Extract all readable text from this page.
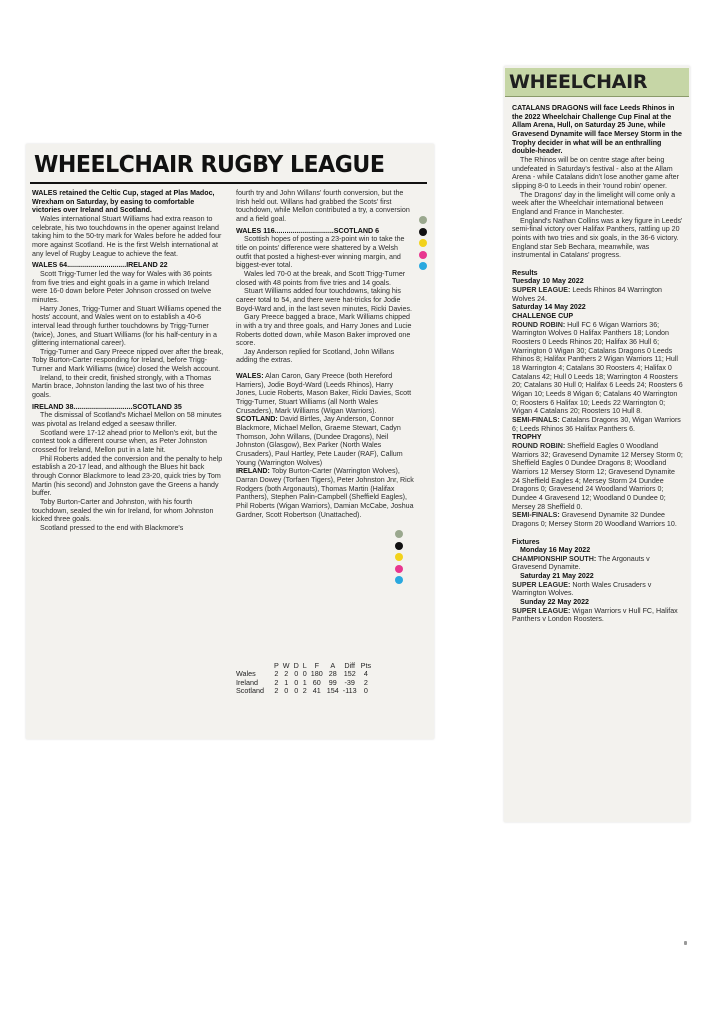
WHEELCHAIR RUGBY LEAGUE

WALES retained the Celtic Cup, staged at Plas Madoc, Wrexham on Saturday, by easing to comfortable victories over Ireland and Scotland.

Wales international Stuart Williams had extra reason to celebrate, his two touchdowns in the opener against Ireland taking him to the 50-try mark for Wales before he added four more against Scotland. He is the first Welsh international at any level of Rugby League to achieve the feat.

WALES 64..............................IRELAND 22

Scott Trigg-Turner led the way for Wales with 36 points from five tries and eight goals in a game in which Ireland were 16-0 down before Peter Johnson crossed on twelve minutes.

Harry Jones, Trigg-Turner and Stuart Williams opened the hosts' account, and Wales went on to establish a 40-6 interval lead through further touchdowns by Trigg-Turner (twice), Jones, and Stuart Williams (for his half-century in a glittering international career).

Trigg-Turner and Gary Preece nipped over after the break, Toby Burton-Carter responding for Ireland, before Trigg-Turner and Mark Williams (twice) closed the Welsh account.

Ireland, to their credit, finished strongly, with a Thomas Martin brace, Johnston landing the last two of his three goals.

IRELAND 38..............................SCOTLAND 35

The dismissal of Scotland's Michael Mellon on 58 minutes was pivotal as Ireland edged a seesaw thriller.

Scotland were 17-12 ahead prior to Mellon's exit, but the contest took a different course when, as Peter Johnston crossed for Ireland, Mellon put in a late hit.

Phil Roberts added the conversion and the penalty to help establish a 20-17 lead, and although the Blues hit back through Connor Blackmore to lead 23-20, quick tries by Tom Martin (his second) and Johnston gave the Greens a handy buffer.

Toby Burton-Carter and Johnston, with his fourth touchdown, sealed the win for Ireland, for whom Johnston kicked three goals.

Scotland pressed to the end with Blackmore's

fourth try and John Willans' fourth conversion, but the Irish held out. Willans had grabbed the Scots' first touchdown, while Mellon contributed a try, a conversion and a field goal.

WALES 116..............................SCOTLAND 6

Scottish hopes of posting a 23-point win to take the title on points' difference were shattered by a Welsh outfit that posted a highest-ever winning margin, and biggest-ever total.

Wales led 70-0 at the break, and Scott Trigg-Turner closed with 48 points from five tries and 14 goals.

Stuart Williams added four touchdowns, taking his career total to 54, and there were hat-tricks for Jodie Boyd-Ward and, in the last seven minutes, Ricki Davies.

Gary Preece bagged a brace, Mark Williams chipped in with a try and three goals, and Harry Jones and Lucie Roberts dotted down, while Mason Baker improved one score.

Jay Anderson replied for Scotland, John Willans adding the extras.

WALES: Alan Caron, Gary Preece (both Hereford Harriers), Jodie Boyd-Ward (Leeds Rhinos), Harry Jones, Lucie Roberts, Mason Baker, Ricki Davies, Scott Trigg-Turner, Stuart Williams (all North Wales Crusaders), Mark Williams (Wigan Warriors).

SCOTLAND: David Birtles, Jay Anderson, Connor Blackmore, Michael Mellon, Graeme Stewart, Cadyn Thomson, John Willans, (Dundee Dragons), Neil Johnston (Glasgow), Bex Parker (North Wales Crusaders), Paul Hartley, Pete Lauder (RAF), Callum Young (Warrington Wolves)

IRELAND: Toby Burton-Carter (Warrington Wolves), Darran Dowey (Torfaen Tigers), Peter Johnston Jnr, Rick Rodgers (both Argonauts), Thomas Martin (Halifax Panthers), Stephen Palin-Campbell (Sheffield Eagles), Phil Roberts (Wigan Warriors), Damian McCabe, Joshua Gardner, Scott Robertson (Unattached).

	P	W	D	L	F	A	Diff	Pts
Wales	2	2	0	0	180	28	152	4
Ireland	2	1	0	1	60	99	-39	2
Scotland	2	0	0	2	41	154	-113	0
WHEELCHAIR

CATALANS DRAGONS will face Leeds Rhinos in the 2022 Wheelchair Challenge Cup Final at the Allam Arena, Hull, on Saturday 25 June, while Gravesend Dynamite will face Mersey Storm in the Trophy decider in what will be an enthralling double-header.

The Rhinos will be on centre stage after being undefeated in Saturday's festival - also at the Allam Arena - while Catalans didn't lose another game after slipping 8-0 to Leeds in their 'round robin' opener.

The Dragons' day in the limelight will come only a week after the Wheelchair international between England and France in Manchester.

England's Nathan Collins was a key figure in Leeds' semi-final victory over Halifax Panthers, rattling up 20 points with two tries and six goals, in the 36-6 victory. England star Seb Bechara, meanwhile, was instrumental in Catalans' progress.

Results

Tuesday 10 May 2022

SUPER LEAGUE: Leeds Rhinos 84 Warrington Wolves 24.

Saturday 14 May 2022

CHALLENGE CUP

ROUND ROBIN: Hull FC 6 Wigan Warriors 36; Warrington Wolves 0 Halifax Panthers 18; London Roosters 0 Leeds Rhinos 20; Halifax 36 Hull 6; Warrington 0 Wigan 30; Catalans Dragons 0 Leeds Rhinos 8; Halifax Panthers 2 Wigan Warriors 11; Hull 18 Warrington 4; Catalans 30 Roosters 4; Halifax 0 Catalans 42; Hull 0 Leeds 18; Warrington 4 Roosters 20; Catalans 30 Hull 0; Halifax 6 Leeds 24; Roosters 6 Wigan 10; Leeds 8 Wigan 6; Catalans 40 Warrington 0; Roosters 6 Halifax 10; Leeds 22 Warrington 0; Wigan 4 Catalans 20; Roosters 10 Hull 8.

SEMI-FINALS: Catalans Dragons 30, Wigan Warriors 6; Leeds Rhinos 36 Halifax Panthers 6.

TROPHY

ROUND ROBIN: Sheffield Eagles 0 Woodland Warriors 32; Gravesend Dynamite 12 Mersey Storm 0; Sheffield Eagles 0 Dundee Dragons 8; Woodland Warriors 12 Mersey Storm 12; Gravesend Dynamite 24 Sheffield Eagles 4; Mersey Storm 24 Dundee Dragons 0; Gravesend 24 Woodland Warriors 0; Dundee 4 Gravesend 12; Woodland 0 Dundee 0; Mersey 28 Sheffield 0.

SEMI-FINALS: Gravesend Dynamite 32 Dundee Dragons 0; Mersey Storm 20 Woodland Warriors 10.

Fixtures

Monday 16 May 2022

CHAMPIONSHIP SOUTH: The Argonauts v Gravesend Dynamite.

Saturday 21 May 2022

SUPER LEAGUE: North Wales Crusaders v Warrington Wolves.

Sunday 22 May 2022

SUPER LEAGUE: Wigan Warriors v Hull FC, Halifax Panthers v London Roosters.
